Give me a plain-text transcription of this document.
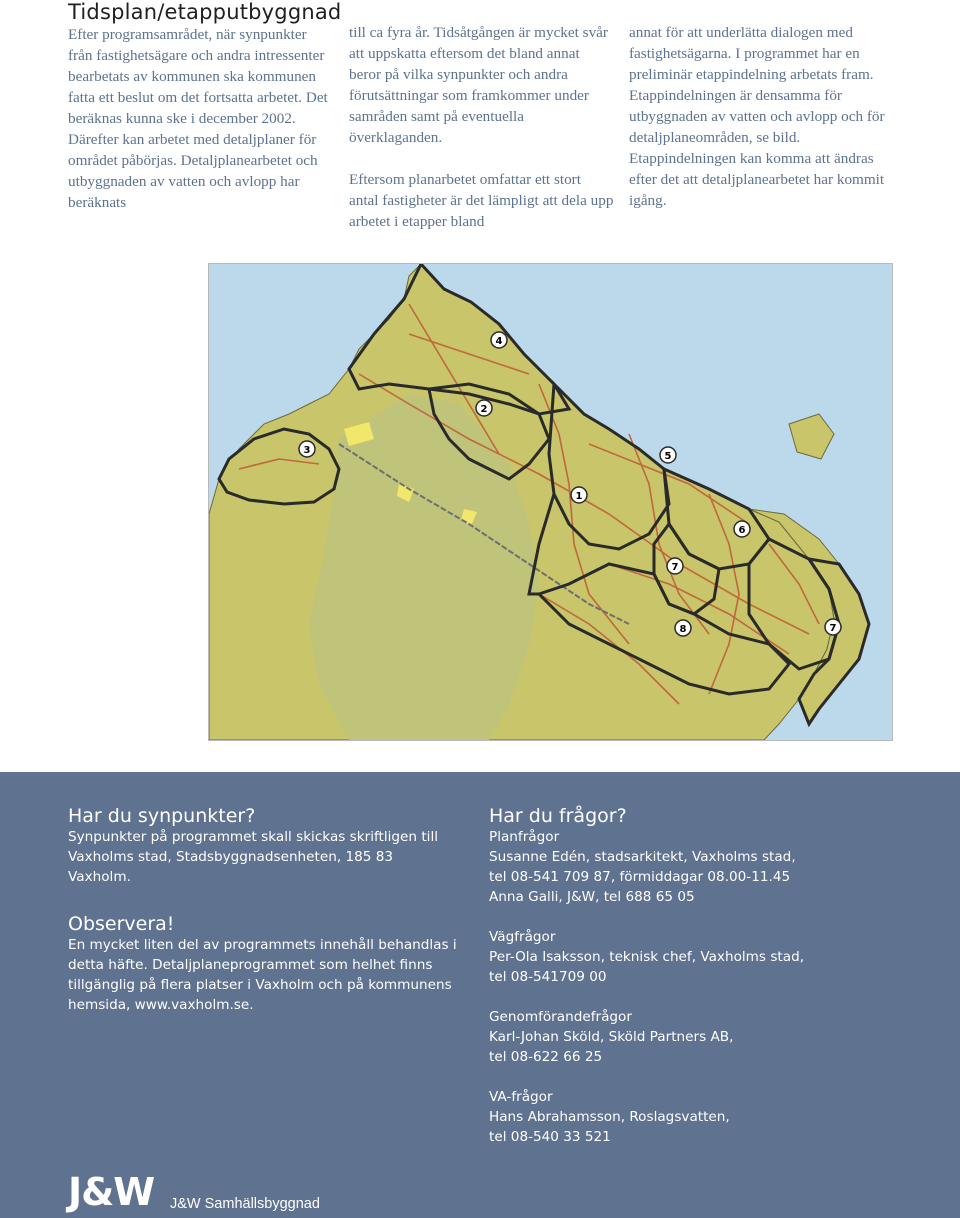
Tidsplan/etapputbyggnad

Efter programsamrådet, när synpunkter från fastighetsägare och andra intressenter bearbetats av kommunen ska kommunen fatta ett beslut om det fortsatta arbetet. Det beräknas kunna ske i december 2002. Därefter kan arbetet med detaljplaner för området påbörjas. Detaljplanearbetet och utbyggnaden av vatten och avlopp har beräknats

till ca fyra år. Tidsåtgången är mycket svår att uppskatta eftersom det bland annat beror på vilka synpunkter och andra förutsättningar som framkommer under samråden samt på eventuella överklaganden.

Eftersom planarbetet omfattar ett stort antal fastigheter är det lämpligt att dela upp arbetet i etapper bland

annat för att underlätta dialogen med fastighetsägarna. I programmet har en preliminär etappindelning arbetats fram. Etappindelningen är densamma för utbyggnaden av vatten och avlopp och för detaljplaneområden, se bild. Etappindelningen kan komma att ändras efter det att detaljplanearbetet har kommit igång.

1
2
3
4
5
6
7
7
8
Har du synpunkter?

Synpunkter på programmet skall skickas skriftligen till Vaxholms stad, Stadsbyggnadsenheten, 185 83 Vaxholm.

Observera!

En mycket liten del av programmets innehåll behandlas i detta häfte. Detaljplaneprogrammet som helhet finns tillgänglig på flera platser i Vaxholm och på kommunens hemsida, www.vaxholm.se.

Har du frågor?

Planfrågor

Susanne Edén, stadsarkitekt, Vaxholms stad,

tel 08-541 709 87, förmiddagar 08.00-11.45

Anna Galli, J&W, tel 688 65 05

Vägfrågor

Per-Ola Isaksson, teknisk chef, Vaxholms stad,

tel 08-541709 00

Genomförandefrågor

Karl-Johan Sköld, Sköld Partners AB,

tel 08-622 66 25

VA-frågor

Hans Abrahamsson, Roslagsvatten,

tel 08-540 33 521

J&W J&W Samhällsbyggnad
